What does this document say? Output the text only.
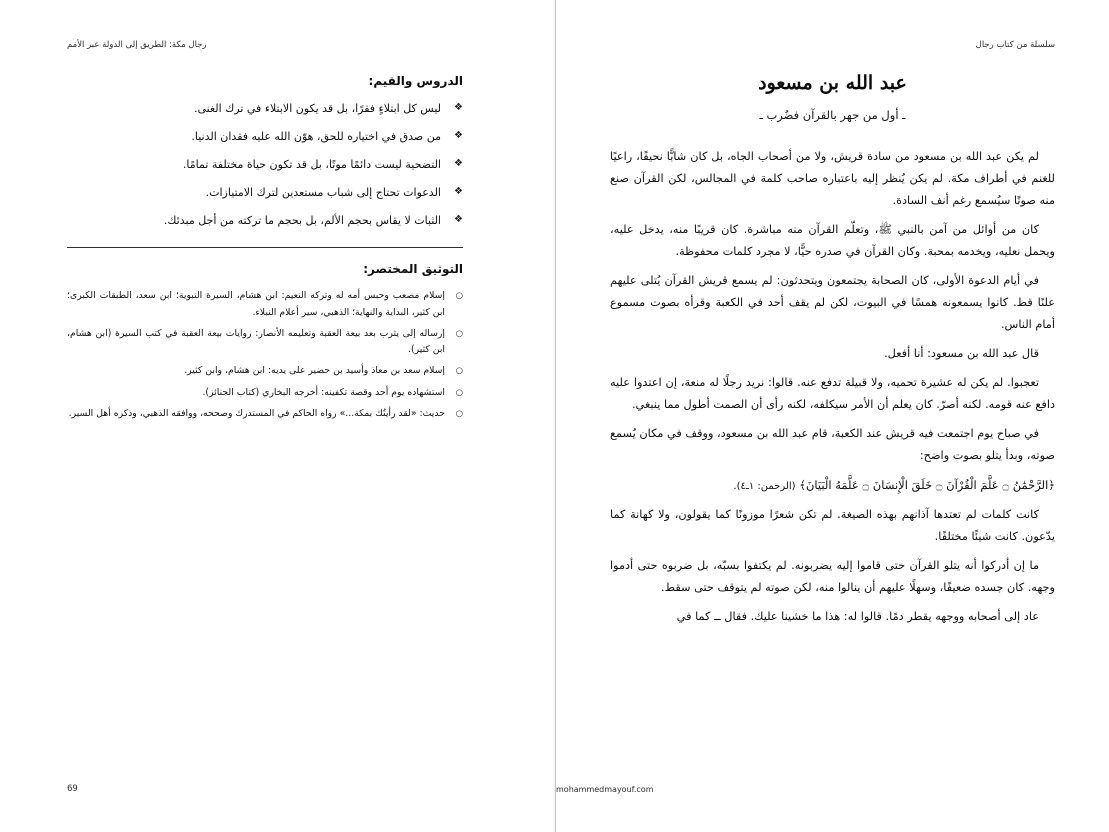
سلسلة من كتاب رجال
عبد الله بن مسعود
ـ أول من جهر بالقرآن فضُرب ـ

لم يكن عبد الله بن مسعود من سادة قريش، ولا من أصحاب الجاه، بل كان شابًّا نحيفًا، راعيًا للغنم في أطراف مكة. لم يكن يُنظر إليه باعتباره صاحب كلمة في المجالس، لكن القرآن صنع منه صوتًا سيُسمع رغم أنف السادة.

كان من أوائل من آمن بالنبي ﷺ، وتعلّم القرآن منه مباشرة. كان قريبًا منه، يدخل عليه، ويحمل نعليه، ويخدمه بمحبة. وكان القرآن في صدره حيًّا، لا مجرد كلمات محفوظة.

في أيام الدعوة الأولى، كان الصحابة يجتمعون ويتحدثون: لم يسمع قريش القرآن يُتلى عليهم علنًا قط. كانوا يسمعونه همسًا في البيوت، لكن لم يقف أحد في الكعبة وقرأه بصوت مسموع أمام الناس.

قال عبد الله بن مسعود: أنا أفعل.

تعجبوا. لم يكن له عشيرة تحميه، ولا قبيلة تدفع عنه. قالوا: نريد رجلًا له منعة، إن اعتدوا عليه دافع عنه قومه. لكنه أصرّ. كان يعلم أن الأمر سيكلفه، لكنه رأى أن الصمت أطول مما ينبغي.

في صباح يوم اجتمعت فيه قريش عند الكعبة، قام عبد الله بن مسعود، ووقف في مكان يُسمع صوته، وبدأ يتلو بصوت واضح:

﴿الرَّحْمَٰنُ ۝ عَلَّمَ الْقُرْآنَ ۝ خَلَقَ الْإِنسَانَ ۝ عَلَّمَهُ الْبَيَانَ﴾ (الرحمن: ١ـ٤).

كانت كلمات لم تعتدها آذانهم بهذه الصيغة. لم تكن شعرًا موزونًا كما يقولون، ولا كهانة كما يدّعون. كانت شيئًا مختلفًا.

ما إن أدركوا أنه يتلو القرآن حتى قاموا إليه يضربونه. لم يكتفوا بسبّه، بل ضربوه حتى أدموا وجهه. كان جسده ضعيفًا، وسهلًا عليهم أن ينالوا منه، لكن صوته لم يتوقف حتى سقط.

عاد إلى أصحابه ووجهه يقطر دمًا. قالوا له: هذا ما خشينا عليك. فقال ــ كما في

mohammedmayouf.com
رجال مكة: الطريق إلى الدولة عبر الأمم
الدروس والقيم:
❖
ليس كل ابتلاءٍ فقرًا، بل قد يكون الابتلاء في ترك الغنى.
❖
من صدق في اختياره للحق، هوّن الله عليه فقدان الدنيا.
❖
التضحية ليست دائمًا موتًا، بل قد تكون حياة مختلفة تمامًا.
❖
الدعوات تحتاج إلى شباب مستعدين لترك الامتيازات.
❖
الثبات لا يقاس بحجم الألم، بل بحجم ما تركته من أجل مبدئك.
التوثيق المختصر:
○
إسلام مصعب وحبس أمه له وتركه النعيم: ابن هشام، السيرة النبوية؛ ابن سعد، الطبقات الكبرى؛ ابن كثير، البداية والنهاية؛ الذهبي، سير أعلام النبلاء.
○
إرساله إلى يثرب بعد بيعة العقبة وتعليمه الأنصار: روايات بيعة العقبة في كتب السيرة (ابن هشام، ابن كثير).
○
إسلام سعد بن معاذ وأسيد بن حضير على يديه: ابن هشام، وابن كثير.
○
استشهاده يوم أحد وقصة تكفينه: أخرجه البخاري (كتاب الجنائز).
○
حديث: «لقد رأيتُك بمكة...» رواه الحاكم في المستدرك وصححه، ووافقه الذهبي، وذكره أهل السير.
69
